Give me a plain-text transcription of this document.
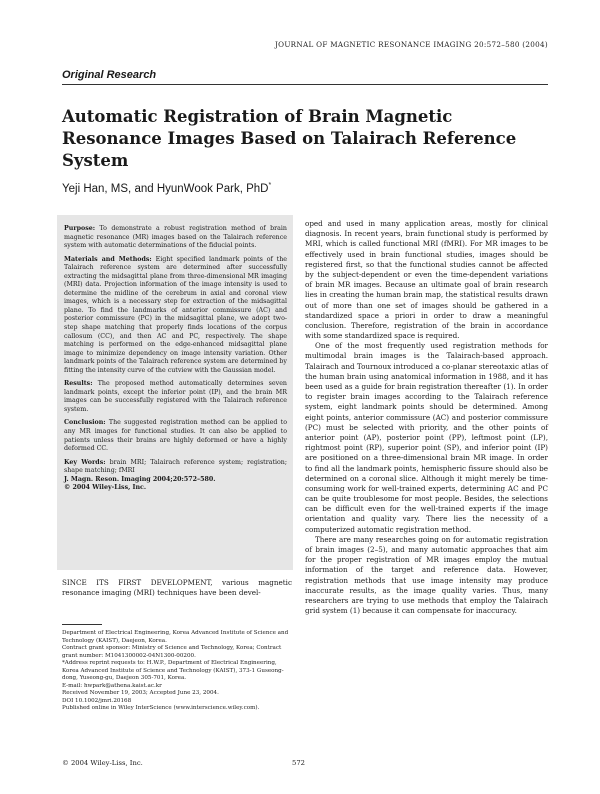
JOURNAL OF MAGNETIC RESONANCE IMAGING 20:572–580 (2004)
Original Research
Automatic Registration of Brain Magnetic Resonance Images Based on Talairach Reference System
Yeji Han, MS, and HyunWook Park, PhD*

Purpose: To demonstrate a robust registration method of brain magnetic resonance (MR) images based on the Talairach reference system with automatic determinations of the fiducial points.

Materials and Methods: Eight specified landmark points of the Talairach reference system are determined after successfully extracting the midsagittal plane from three-dimensional MR imaging (MRI) data. Projection information of the image intensity is used to determine the midline of the cerebrum in axial and coronal view images, which is a necessary step for extraction of the midsagittal plane. To find the landmarks of anterior commissure (AC) and posterior commissure (PC) in the midsagittal plane, we adopt two-step shape matching that properly finds locations of the corpus callosum (CC), and then AC and PC, respectively. The shape matching is performed on the edge-enhanced midsagittal plane image to minimize dependency on image intensity variation. Other landmark points of the Talairach reference system are determined by fitting the intensity curve of the cutview with the Gaussian model.

Results: The proposed method automatically determines seven landmark points, except the inferior point (IP), and the brain MR images can be successfully registered with the Talairach reference system.

Conclusion: The suggested registration method can be applied to any MR images for functional studies. It can also be applied to patients unless their brains are highly deformed or have a highly deformed CC.

Key Words: brain MRI; Talairach reference system; registration; shape matching; fMRI

J. Magn. Reson. Imaging 2004;20:572–580.

© 2004 Wiley-Liss, Inc.

SINCE ITS FIRST DEVELOPMENT, various magnetic resonance imaging (MRI) techniques have been devel-

Department of Electrical Engineering, Korea Advanced Institute of Science and Technology (KAIST), Daejeon, Korea.

Contract grant sponsor: Ministry of Science and Technology, Korea; Contract grant number: M1041300002-04N1300-00200.

*Address reprint requests to: H.W.P., Department of Electrical Engineering, Korea Advanced Institute of Science and Technology (KAIST), 373-1 Guseong-dong, Yuseong-gu, Daejeon 305-701, Korea.

E-mail: hwpark@athena.kaist.ac.kr

Received November 19, 2003; Accepted June 23, 2004.

DOI 10.1002/jmri.20168

Published online in Wiley InterScience (www.interscience.wiley.com).

oped and used in many application areas, mostly for clinical diagnosis. In recent years, brain functional study is performed by MRI, which is called functional MRI (fMRI). For MR images to be effectively used in brain functional studies, images should be registered first, so that the functional studies cannot be affected by the subject-dependent or even the time-dependent variations of brain MR images. Because an ultimate goal of brain research lies in creating the human brain map, the statistical results drawn out of more than one set of images should be gathered in a standardized space a priori in order to draw a meaningful conclusion. Therefore, registration of the brain in accordance with some standardized space is required.

One of the most frequently used registration methods for multimodal brain images is the Talairach-based approach. Talairach and Tournoux introduced a co-planar stereotaxic atlas of the human brain using anatomical information in 1988, and it has been used as a guide for brain registration thereafter (1). In order to register brain images according to the Talairach reference system, eight landmark points should be determined. Among eight points, anterior commissure (AC) and posterior commissure (PC) must be selected with priority, and the other points of anterior point (AP), posterior point (PP), leftmost point (LP), rightmost point (RP), superior point (SP), and inferior point (IP) are positioned on a three-dimensional brain MR image. In order to find all the landmark points, hemispheric fissure should also be determined on a coronal slice. Although it might merely be time-consuming work for well-trained experts, determining AC and PC can be quite troublesome for most people. Besides, the selections can be difficult even for the well-trained experts if the image orientation and quality vary. There lies the necessity of a computerized automatic registration method.

There are many researches going on for automatic registration of brain images (2–5), and many automatic approaches that aim for the proper registration of MR images employ the mutual information of the target and reference data. However, registration methods that use image intensity may produce inaccurate results, as the image quality varies. Thus, many researchers are trying to use methods that employ the Talairach grid system (1) because it can compensate for inaccuracy.

© 2004 Wiley-Liss, Inc.	572
